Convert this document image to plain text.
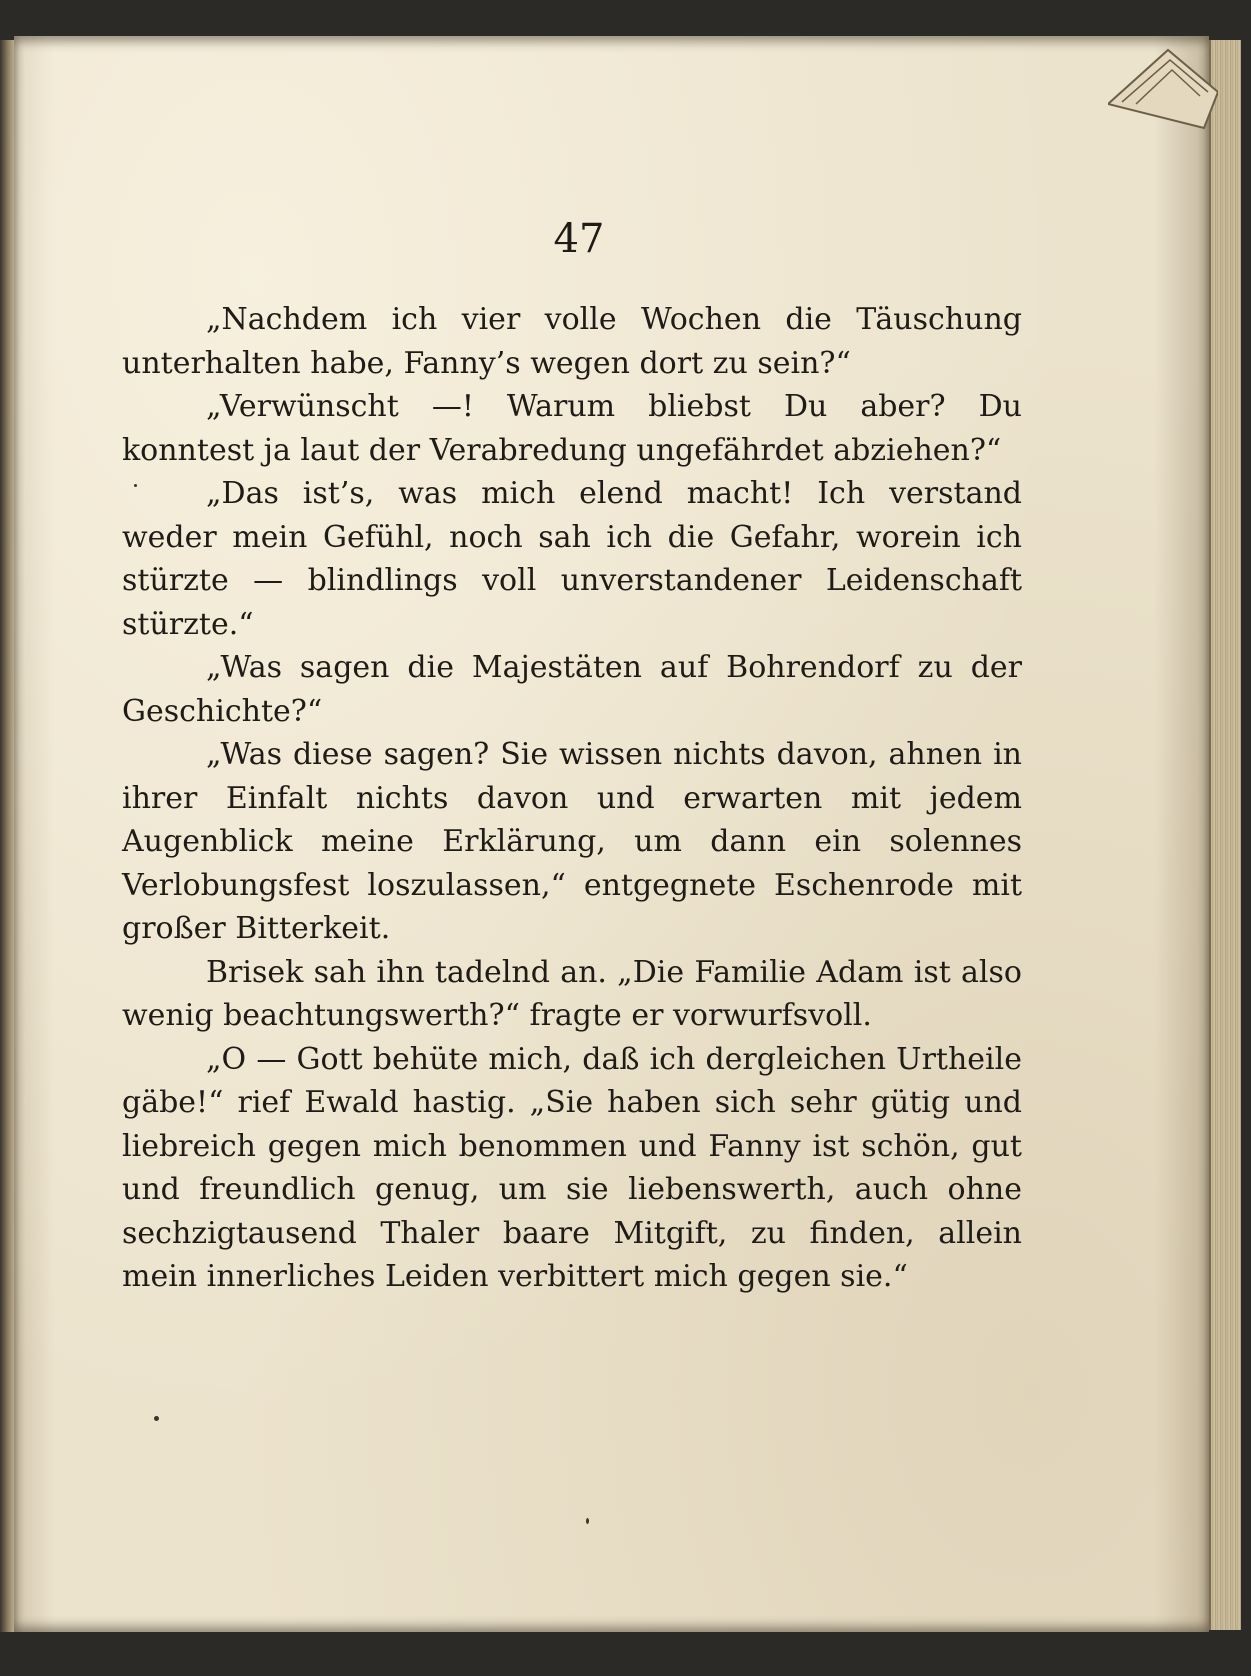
47

„Nachdem ich vier volle Wochen die Täuschung unterhalten habe, Fanny’s wegen dort zu sein?“

„Verwünscht —! Warum bliebst Du aber? Du konntest ja laut der Verabredung ungefährdet abziehen?“

„Das ist’s, was mich elend macht! Ich verstand weder mein Gefühl, noch sah ich die Gefahr, worein ich stürzte — blindlings voll unverstandener Leidenschaft stürzte.“

„Was sagen die Majestäten auf Bohrendorf zu der Geschichte?“

„Was diese sagen? Sie wissen nichts davon, ahnen in ihrer Einfalt nichts davon und erwarten mit jedem Augenblick meine Erklärung, um dann ein solennes Verlobungsfest loszulassen,“ entgegnete Eschenrode mit großer Bitterkeit.

Brisek sah ihn tadelnd an. „Die Familie Adam ist also wenig beachtungswerth?“ fragte er vorwurfsvoll.

„O — Gott behüte mich, daß ich dergleichen Urtheile gäbe!“ rief Ewald hastig. „Sie haben sich sehr gütig und liebreich gegen mich benommen und Fanny ist schön, gut und freundlich genug, um sie liebenswerth, auch ohne sechzigtausend Thaler baare Mitgift, zu finden, allein mein innerliches Leiden verbittert mich gegen sie.“
